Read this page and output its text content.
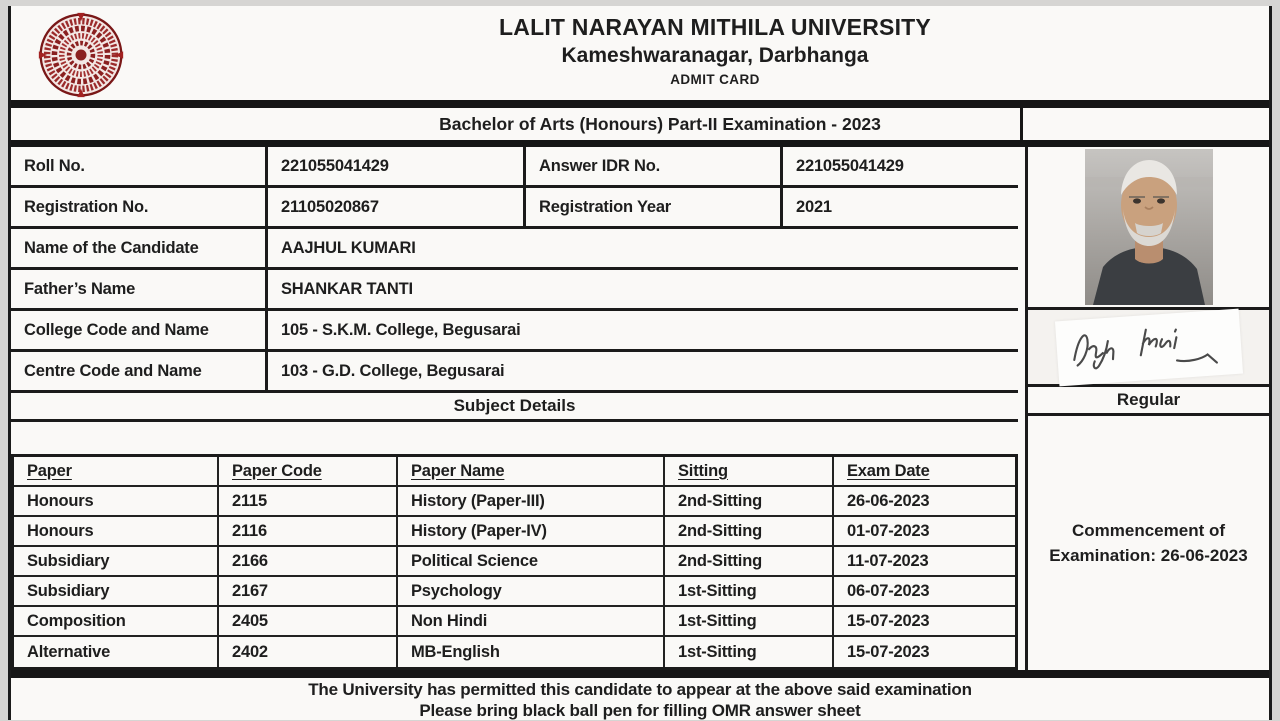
LALIT NARAYAN MITHILA UNIVERSITY
Kameshwaranagar, Darbhanga
ADMIT CARD
Bachelor of Arts (Honours) Part-II Examination - 2023
Roll No.	221055041429	Answer IDR No.	221055041429
Registration No.	21105020867	Registration Year	2021
Name of the Candidate	AAJHUL KUMARI
Father’s Name	SHANKAR TANTI
College Code and Name	105 - S.K.M. College, Begusarai
Centre Code and Name	103 - G.D. College, Begusarai
Subject Details
Paper	Paper Code	Paper Name	Sitting	Exam Date
Honours	2115	History (Paper-III)	2nd-Sitting	26-06-2023
Honours	2116	History (Paper-IV)	2nd-Sitting	01-07-2023
Subsidiary	2166	Political Science	2nd-Sitting	11-07-2023
Subsidiary	2167	Psychology	1st-Sitting	06-07-2023
Composition	2405	Non Hindi	1st-Sitting	15-07-2023
Alternative	2402	MB-English	1st-Sitting	15-07-2023
Regular
Commencement of
Examination: 26-06-2023
The University has permitted this candidate to appear at the above said examination
Please bring black ball pen for filling OMR answer sheet
